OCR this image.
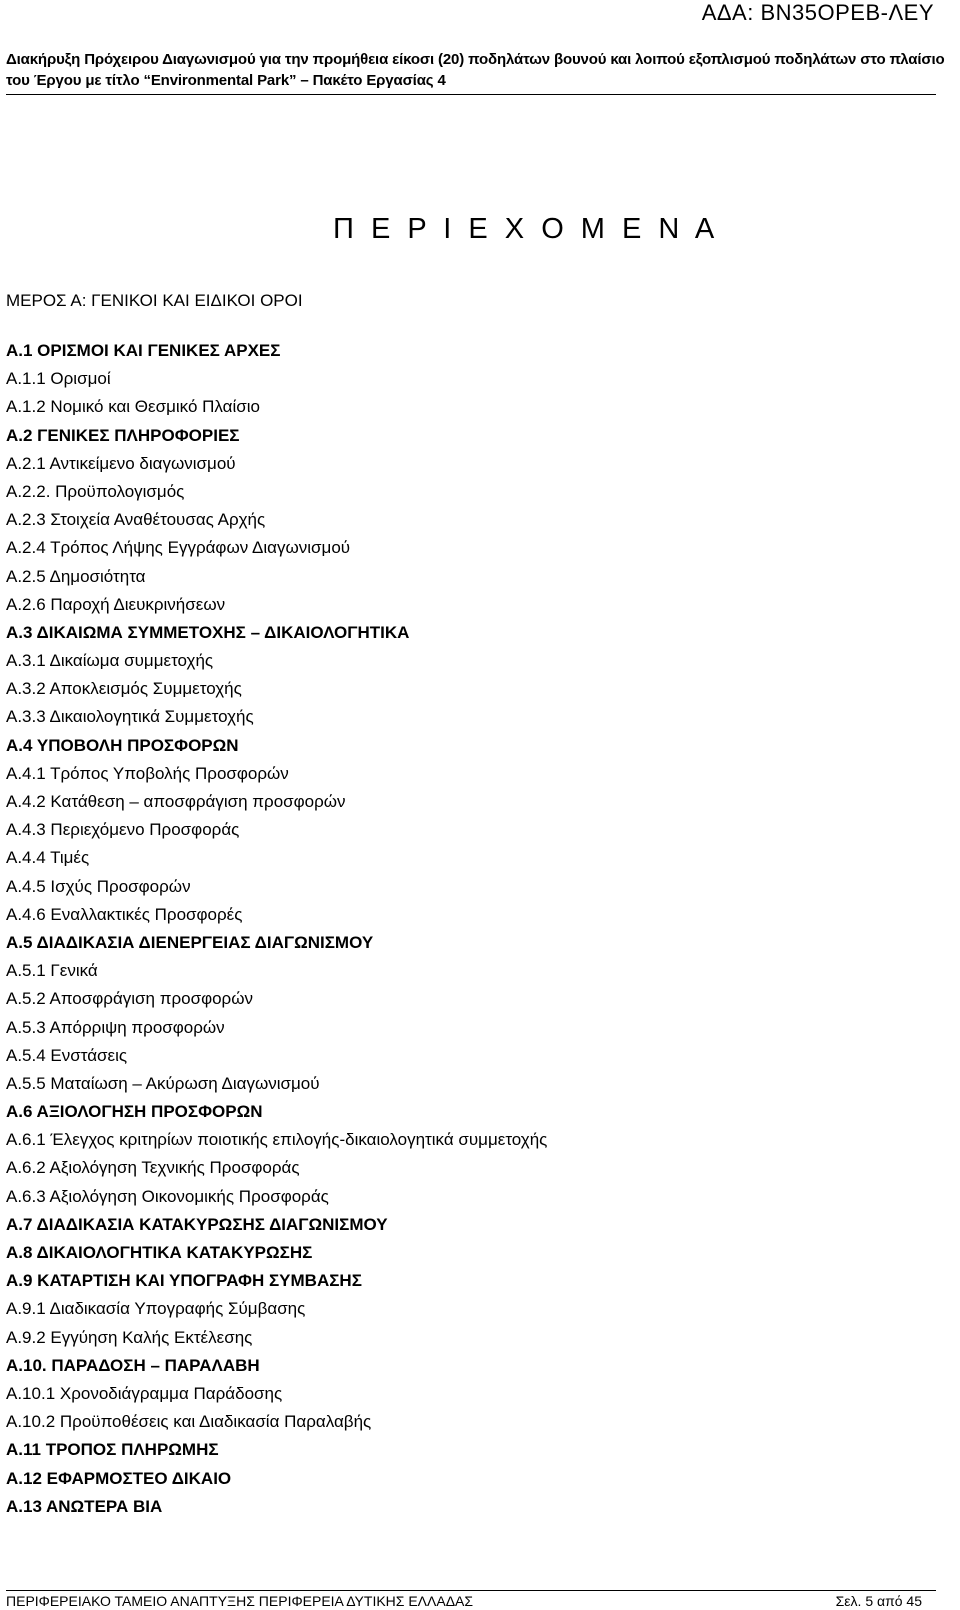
ΑΔΑ: ΒΝ35ΟΡΕΒ-ΛΕΥ
Διακήρυξη Πρόχειρου Διαγωνισμού για την προμήθεια είκοσι (20) ποδηλάτων βουνού και λοιπού εξοπλισμού ποδηλάτων στο πλαίσιο
του Έργου με τίτλο “Environmental Park” – Πακέτο Εργασίας 4
Π Ε Ρ Ι Ε Χ Ο Μ Ε Ν Α
ΜΕΡΟΣ Α: ΓΕΝΙΚΟΙ ΚΑΙ ΕΙΔΙΚΟΙ ΟΡΟΙ
Α.1 ΟΡΙΣΜΟΙ ΚΑΙ ΓΕΝΙΚΕΣ ΑΡΧΕΣ
Α.1.1 Ορισμοί
Α.1.2 Νομικό και Θεσμικό Πλαίσιο
Α.2 ΓΕΝΙΚΕΣ ΠΛΗΡΟΦΟΡΙΕΣ
Α.2.1 Αντικείμενο διαγωνισμού
Α.2.2. Προϋπολογισμός
Α.2.3 Στοιχεία Αναθέτουσας Αρχής
Α.2.4 Τρόπος Λήψης Εγγράφων Διαγωνισμού
Α.2.5 Δημοσιότητα
Α.2.6 Παροχή Διευκρινήσεων
Α.3 ΔΙΚΑΙΩΜΑ ΣΥΜΜΕΤΟΧΗΣ – ΔΙΚΑΙΟΛΟΓΗΤΙΚΑ
Α.3.1 Δικαίωμα συμμετοχής
Α.3.2 Αποκλεισμός Συμμετοχής
Α.3.3 Δικαιολογητικά Συμμετοχής
Α.4 ΥΠΟΒΟΛΗ ΠΡΟΣΦΟΡΩΝ
Α.4.1 Τρόπος Υποβολής Προσφορών
Α.4.2 Κατάθεση – αποσφράγιση προσφορών
Α.4.3 Περιεχόμενο Προσφοράς
Α.4.4 Τιμές
Α.4.5 Ισχύς Προσφορών
Α.4.6 Εναλλακτικές Προσφορές
Α.5 ΔΙΑΔΙΚΑΣΙΑ ΔΙΕΝΕΡΓΕΙΑΣ ΔΙΑΓΩΝΙΣΜΟΥ
Α.5.1 Γενικά
Α.5.2 Αποσφράγιση προσφορών
Α.5.3 Απόρριψη προσφορών
Α.5.4 Ενστάσεις
Α.5.5 Ματαίωση – Ακύρωση Διαγωνισμού
Α.6 ΑΞΙΟΛΟΓΗΣΗ ΠΡΟΣΦΟΡΩΝ
Α.6.1 Έλεγχος κριτηρίων ποιοτικής επιλογής-δικαιολογητικά συμμετοχής
Α.6.2 Αξιολόγηση Τεχνικής Προσφοράς
Α.6.3 Αξιολόγηση Οικονομικής Προσφοράς
Α.7 ΔΙΑΔΙΚΑΣΙΑ ΚΑΤΑΚΥΡΩΣΗΣ ΔΙΑΓΩΝΙΣΜΟΥ
Α.8 ΔΙΚΑΙΟΛΟΓΗΤΙΚΑ ΚΑΤΑΚΥΡΩΣΗΣ
Α.9 ΚΑΤΑΡΤΙΣΗ ΚΑΙ ΥΠΟΓΡΑΦΗ ΣΥΜΒΑΣΗΣ
Α.9.1 Διαδικασία Υπογραφής Σύμβασης
Α.9.2 Εγγύηση Καλής Εκτέλεσης
Α.10. ΠΑΡΑΔΟΣΗ – ΠΑΡΑΛΑΒΗ
Α.10.1 Χρονοδιάγραμμα Παράδοσης
Α.10.2 Προϋποθέσεις και Διαδικασία Παραλαβής
Α.11 ΤΡΟΠΟΣ ΠΛΗΡΩΜΗΣ
Α.12 ΕΦΑΡΜΟΣΤΕΟ ΔΙΚΑΙΟ
Α.13 ΑΝΩΤΕΡΑ ΒΙΑ
ΠΕΡΙΦΕΡΕΙΑΚΟ ΤΑΜΕΙΟ ΑΝΑΠΤΥΞΗΣ ΠΕΡΙΦΕΡΕΙΑ ΔΥΤΙΚΗΣ ΕΛΛΑΔΑΣ	Σελ. 5 από 45
